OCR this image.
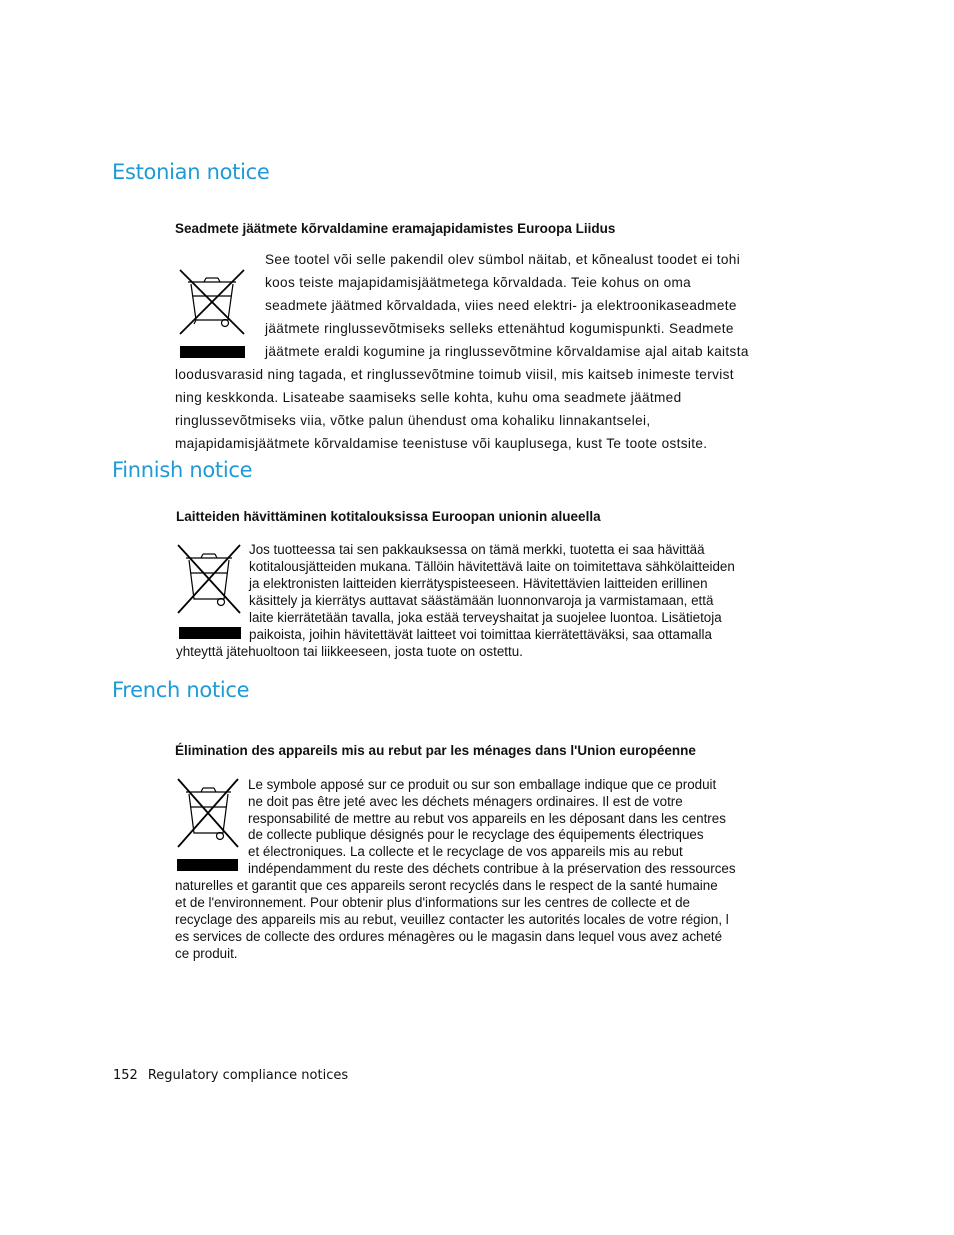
Estonian notice
Seadmete jäätmete kõrvaldamine eramajapidamistes Euroopa Liidus
See tootel või selle pakendil olev sümbol näitab, et kõnealust toodet ei tohi
koos teiste majapidamisjäätmetega kõrvaldada. Teie kohus on oma
seadmete jäätmed kõrvaldada, viies need elektri- ja elektroonikaseadmete
jäätmete ringlussevõtmiseks selleks ettenähtud kogumispunkti. Seadmete
jäätmete eraldi kogumine ja ringlussevõtmine kõrvaldamise ajal aitab kaitsta
loodusvarasid ning tagada, et ringlussevõtmine toimub viisil, mis kaitseb inimeste tervist
ning keskkonda. Lisateabe saamiseks selle kohta, kuhu oma seadmete jäätmed
ringlussevõtmiseks viia, võtke palun ühendust oma kohaliku linnakantselei,
majapidamisjäätmete kõrvaldamise teenistuse või kauplusega, kust Te toote ostsite.
Finnish notice
Laitteiden hävittäminen kotitalouksissa Euroopan unionin alueella
Jos tuotteessa tai sen pakkauksessa on tämä merkki, tuotetta ei saa hävittää
kotitalousjätteiden mukana. Tällöin hävitettävä laite on toimitettava sähkölaitteiden
ja elektronisten laitteiden kierrätyspisteeseen. Hävitettävien laitteiden erillinen
käsittely ja kierrätys auttavat säästämään luonnonvaroja ja varmistamaan, että
laite kierrätetään tavalla, joka estää terveyshaitat ja suojelee luontoa. Lisätietoja
paikoista, joihin hävitettävät laitteet voi toimittaa kierrätettäväksi, saa ottamalla
yhteyttä jätehuoltoon tai liikkeeseen, josta tuote on ostettu.
French notice
Élimination des appareils mis au rebut par les ménages dans l'Union européenne
Le symbole apposé sur ce produit ou sur son emballage indique que ce produit
ne doit pas être jeté avec les déchets ménagers ordinaires. Il est de votre
responsabilité de mettre au rebut vos appareils en les déposant dans les centres
de collecte publique désignés pour le recyclage des équipements électriques
et électroniques. La collecte et le recyclage de vos appareils mis au rebut
indépendamment du reste des déchets contribue à la préservation des ressources
naturelles et garantit que ces appareils seront recyclés dans le respect de la santé humaine
et de l'environnement. Pour obtenir plus d'informations sur les centres de collecte et de
recyclage des appareils mis au rebut, veuillez contacter les autorités locales de votre région, l
es services de collecte des ordures ménagères ou le magasin dans lequel vous avez acheté
ce produit.
152 Regulatory compliance notices
